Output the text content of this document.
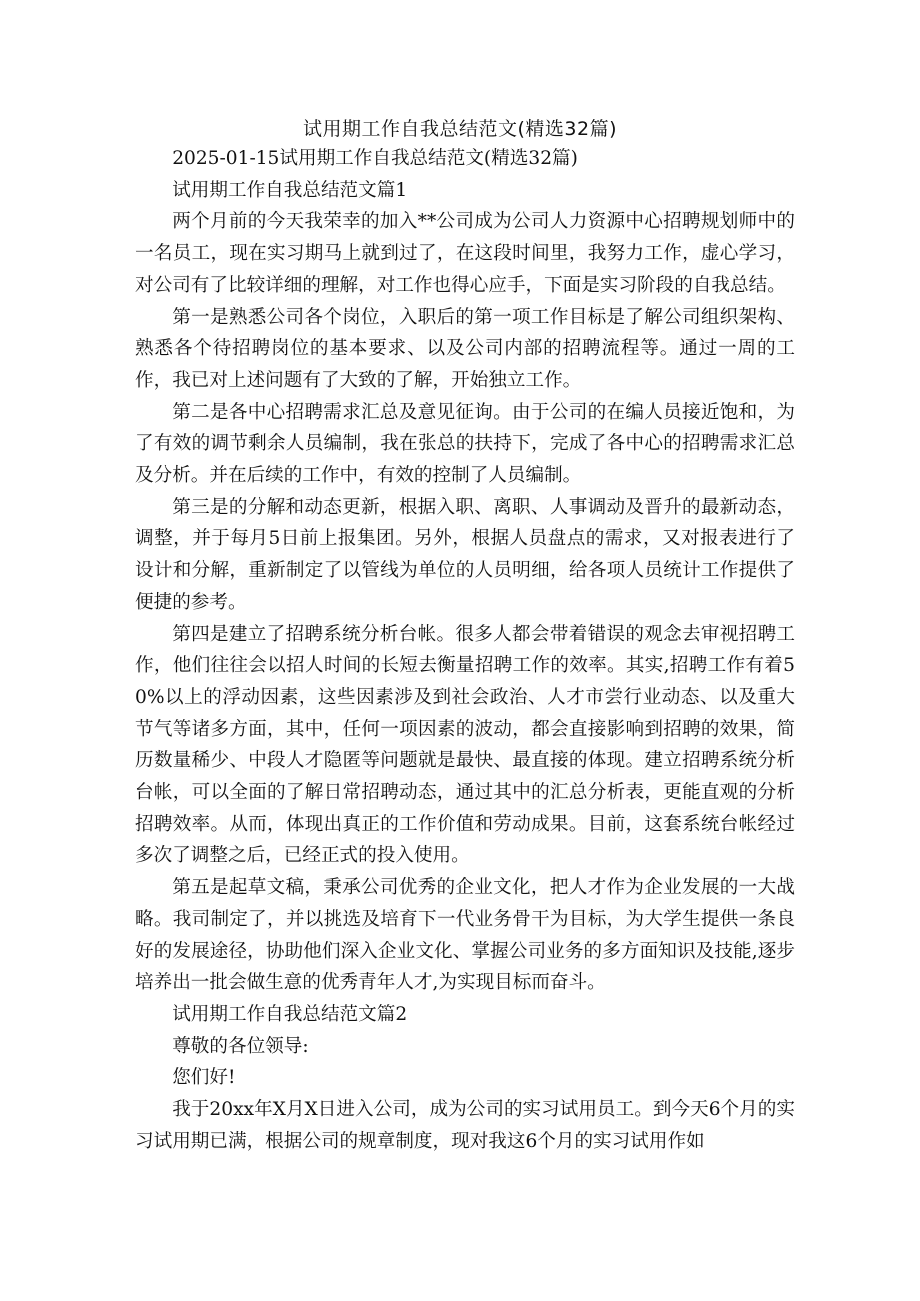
试用期工作自我总结范文(精选32篇)

2025-01-15试用期工作自我总结范文(精选32篇)

试用期工作自我总结范文篇1

两个月前的今天我荣幸的加入**公司成为公司人力资源中心招聘规划师中的一名员工，现在实习期马上就到过了，在这段时间里，我努力工作，虚心学习，对公司有了比较详细的理解，对工作也得心应手，下面是实习阶段的自我总结。

第一是熟悉公司各个岗位，入职后的第一项工作目标是了解公司组织架构、熟悉各个待招聘岗位的基本要求、以及公司内部的招聘流程等。通过一周的工作，我已对上述问题有了大致的了解，开始独立工作。

第二是各中心招聘需求汇总及意见征询。由于公司的在编人员接近饱和，为了有效的调节剩余人员编制，我在张总的扶持下，完成了各中心的招聘需求汇总及分析。并在后续的工作中，有效的控制了人员编制。

第三是的分解和动态更新，根据入职、离职、人事调动及晋升的最新动态，调整，并于每月5日前上报集团。另外，根据人员盘点的需求，又对报表进行了设计和分解，重新制定了以管线为单位的人员明细，给各项人员统计工作提供了便捷的参考。

第四是建立了招聘系统分析台帐。很多人都会带着错误的观念去审视招聘工作，他们往往会以招人时间的长短去衡量招聘工作的效率。其实,招聘工作有着50%以上的浮动因素，这些因素涉及到社会政治、人才市尝行业动态、以及重大节气等诸多方面，其中，任何一项因素的波动，都会直接影响到招聘的效果，简历数量稀少、中段人才隐匿等问题就是最快、最直接的体现。建立招聘系统分析台帐，可以全面的了解日常招聘动态，通过其中的汇总分析表，更能直观的分析招聘效率。从而，体现出真正的工作价值和劳动成果。目前，这套系统台帐经过多次了调整之后，已经正式的投入使用。

第五是起草文稿，秉承公司优秀的企业文化，把人才作为企业发展的一大战略。我司制定了，并以挑选及培育下一代业务骨干为目标，为大学生提供一条良好的发展途径，协助他们深入企业文化、掌握公司业务的多方面知识及技能,逐步培养出一批会做生意的优秀青年人才,为实现目标而奋斗。

试用期工作自我总结范文篇2

尊敬的各位领导:

您们好!

我于20xx年X月X日进入公司，成为公司的实习试用员工。到今天6个月的实习试用期已满，根据公司的规章制度，现对我这6个月的实习试用作如
